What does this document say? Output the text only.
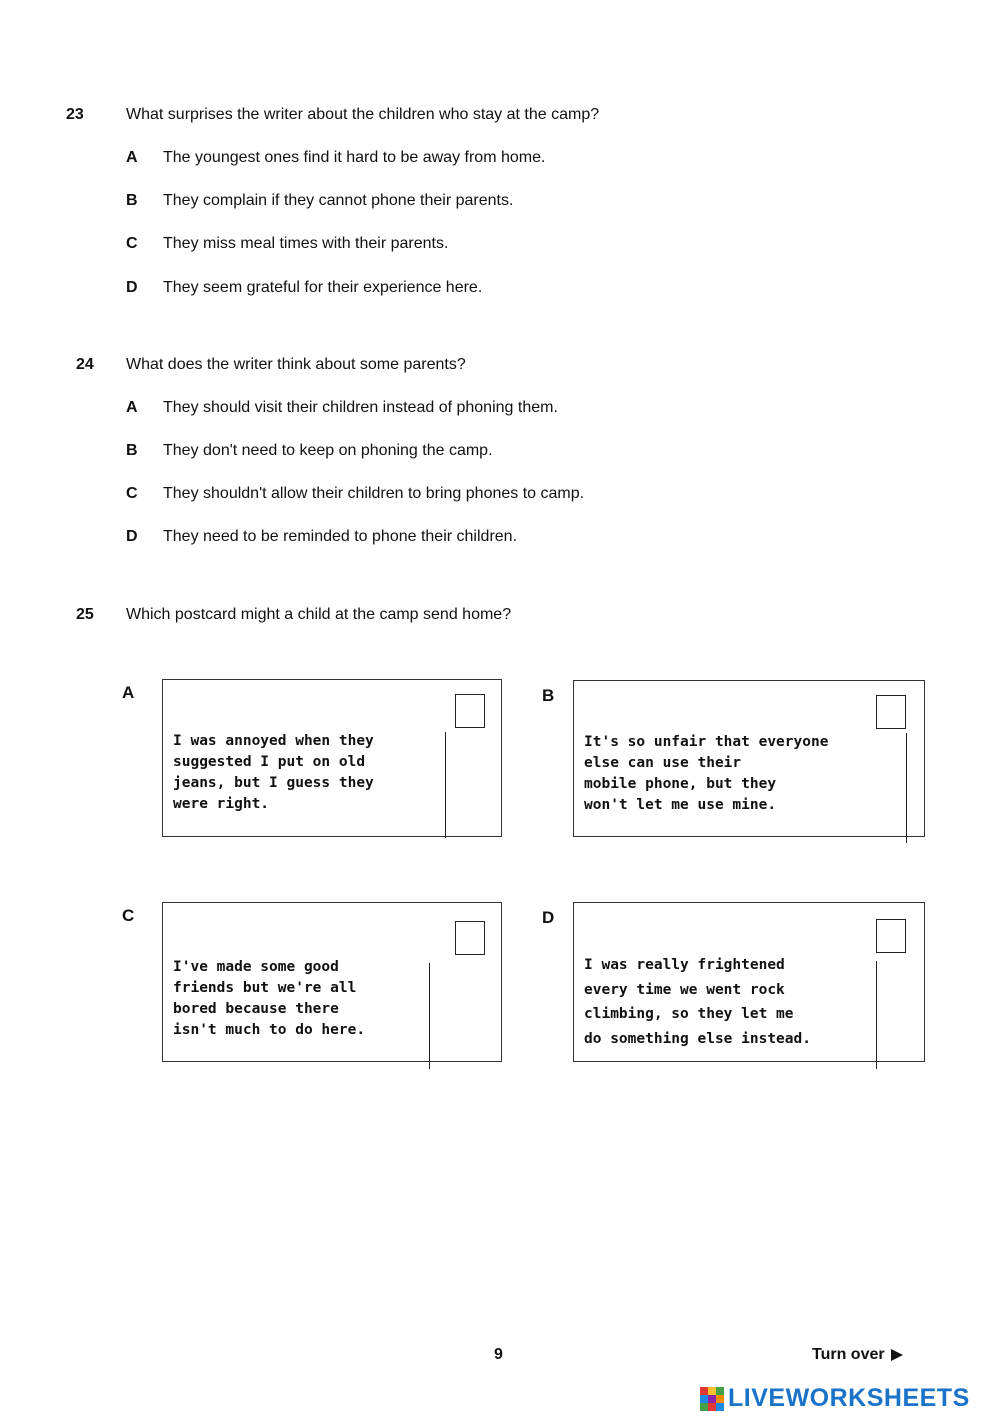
23	What surprises the writer about the children who stay at the camp?
A The youngest ones find it hard to be away from home.
B They complain if they cannot phone their parents.
C They miss meal times with their parents.
D They seem grateful for their experience here.
24 What does the writer think about some parents?
A They should visit their children instead of phoning them.
B They don't need to keep on phoning the camp.
C They shouldn't allow their children to bring phones to camp.
D They need to be reminded to phone their children.
25 Which postcard might a child at the camp send home?
A
I was annoyed when they
suggested I put on old
jeans, but I guess they
were right.
B
It's so unfair that everyone
else can use their
mobile phone, but they
won't let me use mine.
C
I've made some good
friends but we're all
bored because there
isn't much to do here.
D
I was really frightened
every time we went rock
climbing, so they let me
do something else instead.
9	Turn over
LIVEWORKSHEETS
